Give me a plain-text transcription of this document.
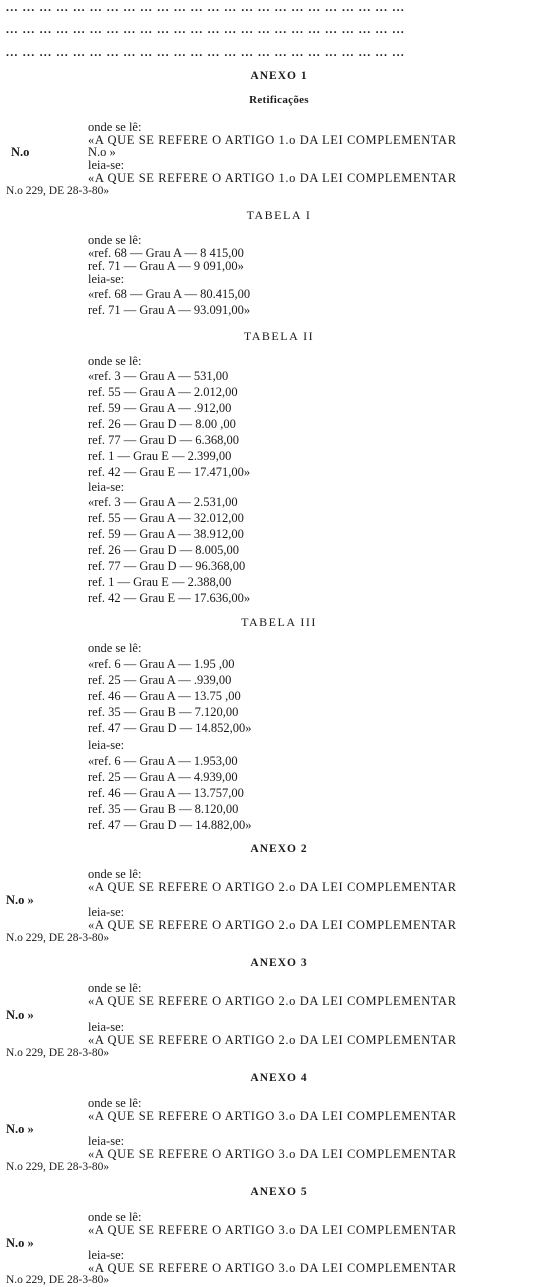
... ... ... ... ... ... ... ... ... ... ... ... ... ... ... ... ... ... ... ... ... ... ... ...
... ... ... ... ... ... ... ... ... ... ... ... ... ... ... ... ... ... ... ... ... ... ... ...
... ... ... ... ... ... ... ... ... ... ... ... ... ... ... ... ... ... ... ... ... ... ... ...
ANEXO 1
Retificações
onde se lê:
«A QUE SE REFERE O ARTIGO 1.o DA LEI COMPLEMENTAR
N.o	N.o »
leia-se:
«A QUE SE REFERE O ARTIGO 1.o DA LEI COMPLEMENTAR
N.o 229, DE 28-3-80»
TABELA I
onde se lê:
«ref. 68 — Grau A — 8 415,00
ref. 71 — Grau A — 9 091,00»
leia-se:
«ref. 68 — Grau A — 80.415,00
ref. 71 — Grau A — 93.091,00»
TABELA II
onde se lê:
«ref. 3 — Grau A — 531,00
ref. 55 — Grau A — 2.012,00
ref. 59 — Grau A — .912,00
ref. 26 — Grau D — 8.00 ,00
ref. 77 — Grau D — 6.368,00
ref. 1 — Grau E — 2.399,00
ref. 42 — Grau E — 17.471,00»
leia-se:
«ref. 3 — Grau A — 2.531,00
ref. 55 — Grau A — 32.012,00
ref. 59 — Grau A — 38.912,00
ref. 26 — Grau D — 8.005,00
ref. 77 — Grau D — 96.368,00
ref. 1 — Grau E — 2.388,00
ref. 42 — Grau E — 17.636,00»
TABELA III
onde se lê:
«ref. 6 — Grau A — 1.95 ,00
ref. 25 — Grau A — .939,00
ref. 46 — Grau A — 13.75 ,00
ref. 35 — Grau B — 7.120,00
ref. 47 — Grau D — 14.852,00»
leia-se:
«ref. 6 — Grau A — 1.953,00
ref. 25 — Grau A — 4.939,00
ref. 46 — Grau A — 13.757,00
ref. 35 — Grau B — 8.120,00
ref. 47 — Grau D — 14.882,00»
ANEXO 2
onde se lê:
«A QUE SE REFERE O ARTIGO 2.o DA LEI COMPLEMENTAR
N.o »
leia-se:
«A QUE SE REFERE O ARTIGO 2.o DA LEI COMPLEMENTAR
N.o 229, DE 28-3-80»
ANEXO 3
onde se lê:
«A QUE SE REFERE O ARTIGO 2.o DA LEI COMPLEMENTAR
N.o »
leia-se:
«A QUE SE REFERE O ARTIGO 2.o DA LEI COMPLEMENTAR
N.o 229, DE 28-3-80»
ANEXO 4
onde se lê:
«A QUE SE REFERE O ARTIGO 3.o DA LEI COMPLEMENTAR
N.o »
leia-se:
«A QUE SE REFERE O ARTIGO 3.o DA LEI COMPLEMENTAR
N.o 229, DE 28-3-80»
ANEXO 5
onde se lê:
«A QUE SE REFERE O ARTIGO 3.o DA LEI COMPLEMENTAR
N.o »
leia-se:
«A QUE SE REFERE O ARTIGO 3.o DA LEI COMPLEMENTAR
N.o 229, DE 28-3-80»
